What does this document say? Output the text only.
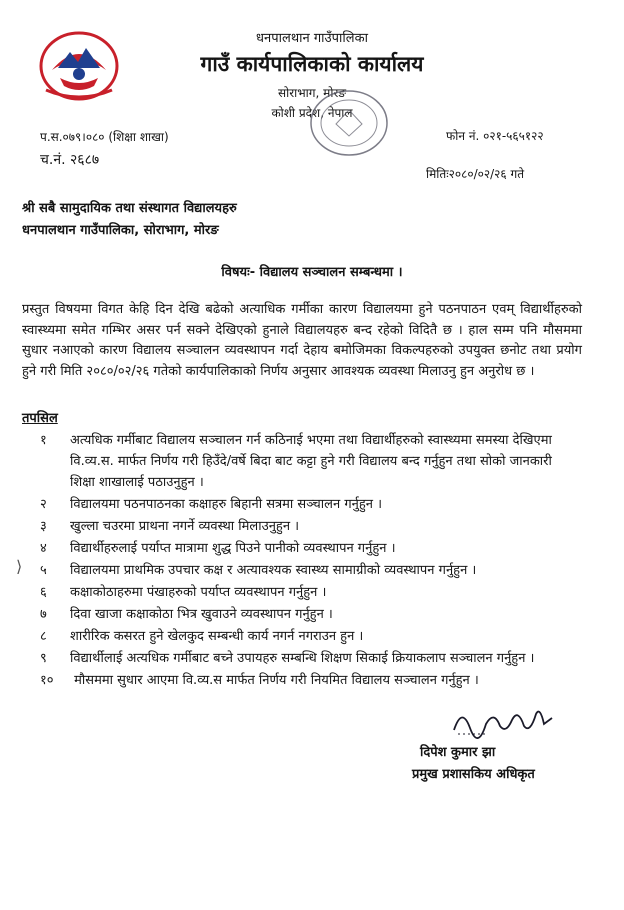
धनपालथान गाउँपालिका
गाउँ कार्यपालिकाको कार्यालय
सोराभाग, मोरङ
कोशी प्रदेश, नेपाल
प.स.०७९।०८० (शिक्षा शाखा)
च.नं. २६८७
फोन नं. ०२१-५६५१२२
मितिः२०८०/०२/२६ गते
श्री सबै सामुदायिक तथा संस्थागत विद्यालयहरु
धनपालथान गाउँपालिका, सोराभाग, मोरङ
विषयः- विद्यालय सञ्चालन सम्बन्धमा ।
प्रस्तुत विषयमा विगत केहि दिन देखि बढेको अत्याधिक गर्मीका कारण विद्यालयमा हुने पठनपाठन एवम् विद्यार्थीहरुको स्वास्थ्यमा समेत गम्भिर असर पर्न सक्ने देखिएको हुनाले विद्यालयहरु बन्द रहेको विदितै छ । हाल सम्म पनि मौसममा सुधार नआएको कारण विद्यालय सञ्चालन व्यवस्थापन गर्दा देहाय बमोजिमका विकल्पहरुको उपयुक्त छनोट तथा प्रयोग हुने गरी मिति २०८०/०२/२६ गतेको कार्यपालिकाको निर्णय अनुसार आवश्यक व्यवस्था मिलाउनु हुन अनुरोध छ ।
तपसिल
१	अत्यधिक गर्मीबाट विद्यालय सञ्चालन गर्न कठिनाई भएमा तथा विद्यार्थीहरुको स्वास्थ्यमा समस्या देखिएमा वि.व्य.स. मार्फत निर्णय गरी हिउँदे/वर्षे बिदा बाट कट्टा हुने गरी विद्यालय बन्द गर्नुहुन तथा सोको जानकारी शिक्षा शाखालाई पठाउनुहुन ।
२	विद्यालयमा पठनपाठनका कक्षाहरु बिहानी सत्रमा सञ्चालन गर्नुहुन ।
३	खुल्ला चउरमा प्राथना नगर्ने व्यवस्था मिलाउनुहुन ।
४	विद्यार्थीहरुलाई पर्याप्त मात्रामा शुद्ध पिउने पानीको व्यवस्थापन गर्नुहुन ।
५	विद्यालयमा प्राथमिक उपचार कक्ष र अत्यावश्यक स्वास्थ्य सामाग्रीको व्यवस्थापन गर्नुहुन ।
६	कक्षाकोठाहरुमा पंखाहरुको पर्याप्त व्यवस्थापन गर्नुहुन ।
७	दिवा खाजा कक्षाकोठा भित्र खुवाउने व्यवस्थापन गर्नुहुन ।
८	शारीरिक कसरत हुने खेलकुद सम्बन्धी कार्य नगर्न नगराउन हुन ।
९	विद्यार्थीलाई अत्यधिक गर्मीबाट बच्ने उपायहरु सम्बन्धि शिक्षण सिकाई क्रियाकलाप सञ्चालन गर्नुहुन ।
१० मौसममा सुधार आएमा वि.व्य.स मार्फत निर्णय गरी नियमित विद्यालय सञ्चालन गर्नुहुन ।
⟩
दिपेश कुमार झा
प्रमुख प्रशासकिय अधिकृत
